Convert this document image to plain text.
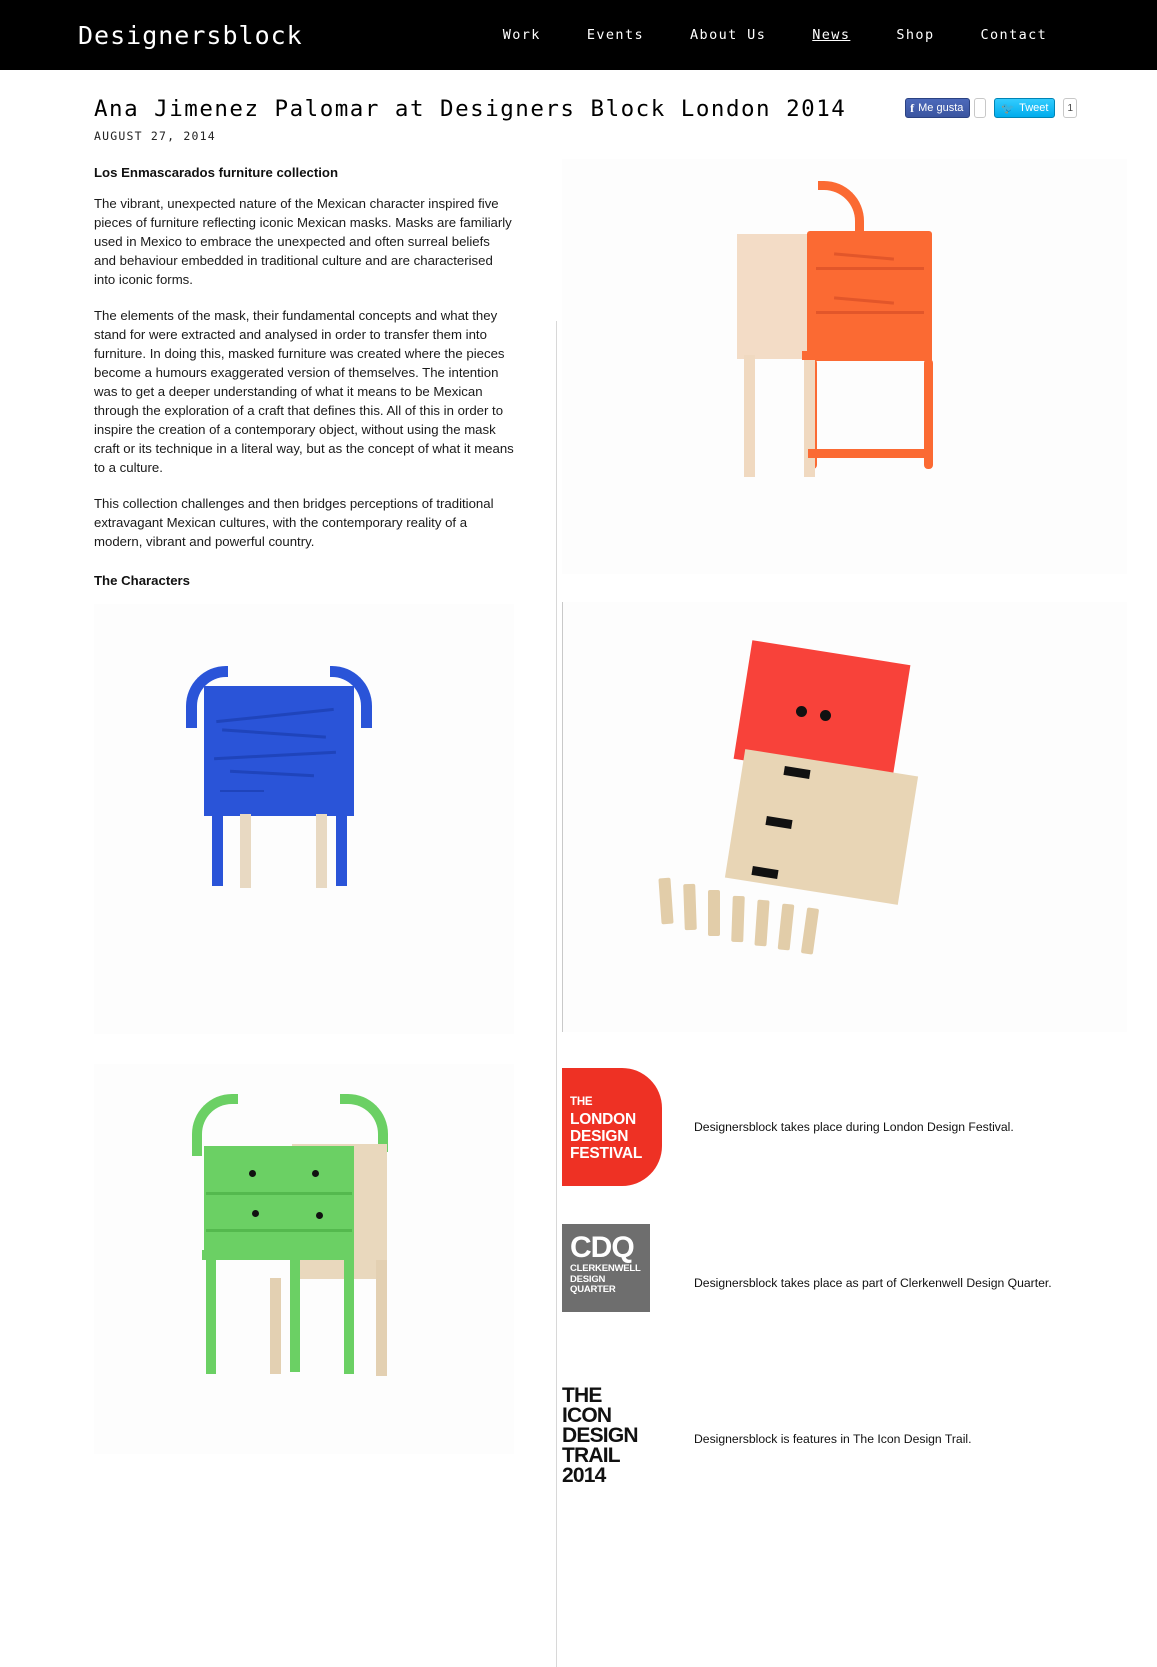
Designersblock	Work	Events	About Us	News	Shop	Contact
Ana Jimenez Palomar at Designers Block London 2014
AUGUST 27, 2014
f Me gusta	🐦 Tweet	1
Los Enmascarados furniture collection

The vibrant, unexpected nature of the Mexican character inspired five pieces of furniture reflecting iconic Mexican masks. Masks are familiarly used in Mexico to embrace the unexpected and often surreal beliefs and behaviour embedded in traditional culture and are characterised into iconic forms.

The elements of the mask, their fundamental concepts and what they stand for were extracted and analysed in order to transfer them into furniture. In doing this, masked furniture was created where the pieces become a humours exaggerated version of themselves. The intention was to get a deeper understanding of what it means to be Mexican through the exploration of a craft that defines this. All of this in order to inspire the creation of a contemporary object, without using the mask craft or its technique in a literal way, but as the concept of what it means to a culture.

This collection challenges and then bridges perceptions of traditional extravagant Mexican cultures, with the contemporary reality of a modern, vibrant and powerful country.

The Characters
THE
LONDON
DESIGN
FESTIVAL
Designersblock takes place during London Design Festival.
CDQ
CLERKENWELL
DESIGN
QUARTER	Designersblock takes place as part of Clerkenwell Design Quarter.
THE
ICON
DESIGN
TRAIL
2014
Designersblock is features in The Icon Design Trail.
